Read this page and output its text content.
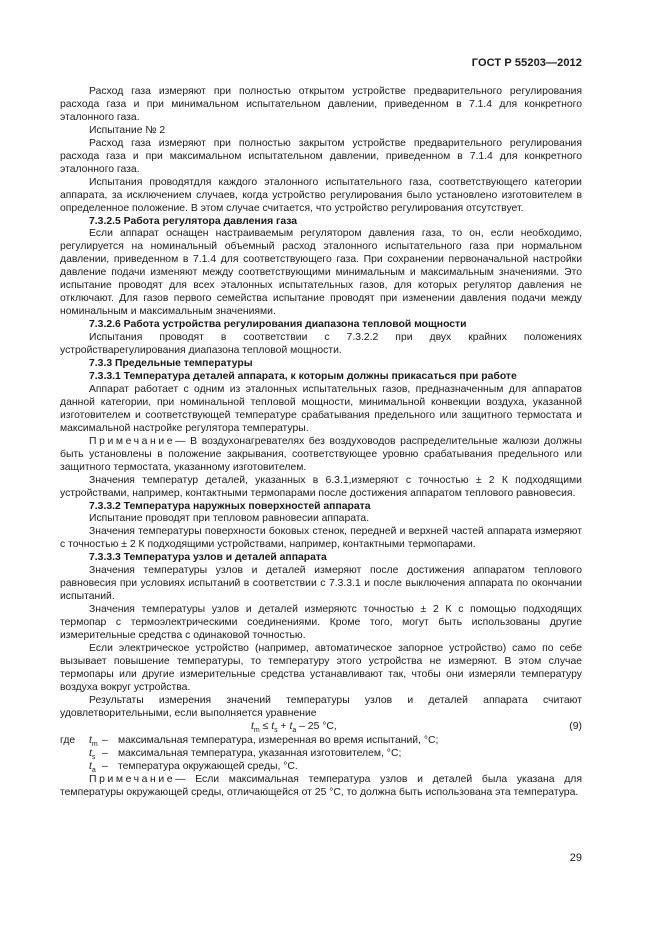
ГОСТ Р 55203—2012

Расход газа измеряют при полностью открытом устройстве предварительного регулирования расхода газа и при минимальном испытательном давлении, приведенном в 7.1.4 для конкретного эталонного газа.

Испытание № 2

Расход газа измеряют при полностью закрытом устройстве предварительного регулирования расхода газа и при максимальном испытательном давлении, приведенном в 7.1.4 для конкретного эталонного газа.

Испытания проводятдля каждого эталонного испытательного газа, соответствующего категории аппарата, за исключением случаев, когда устройство регулирования было установлено изготовителем в определенное положение. В этом случае считается, что устройство регулирования отсутствует.

7.3.2.5 Работа регулятора давления газа

Если аппарат оснащен настраиваемым регулятором давления газа, то он, если необходимо, регулируется на номинальный объемный расход эталонного испытательного газа при нормальном давлении, приведенном в 7.1.4 для соответствующего газа. При сохранении первоначальной настройки давление подачи изменяют между соответствующими минимальным и максимальным значениями. Это испытание проводят для всех эталонных испытательных газов, для которых регулятор давления не отключают. Для газов первого семейства испытание проводят при изменении давления подачи между номинальным и максимальным значениями.

7.3.2.6 Работа устройства регулирования диапазона тепловой мощности

Испытания проводят в соответствии с 7.3.2.2 при двух крайних положениях устройстварегулирования диапазона тепловой мощности.

7.3.3 Предельные температуры

7.3.3.1 Температура деталей аппарата, к которым должны прикасаться при работе

Аппарат работает с одним из эталонных испытательных газов, предназначенным для аппаратов данной категории, при номинальной тепловой мощности, минимальной конвекции воздуха, указанной изготовителем и соответствующей температуре срабатывания предельного или защитного термостата и максимальной настройке регулятора температуры.

Примечание— В воздухонагревателях без воздуховодов распределительные жалюзи должны быть установлены в положение закрывания, соответствующее уровню срабатывания предельного или защитного термостата, указанному изготовителем.

Значения температур деталей, указанных в 6.3.1,измеряют с точностью ± 2 К подходящими устройствами, например, контактными термопарами после достижения аппаратом теплового равновесия.

7.3.3.2 Температура наружных поверхностей аппарата

Испытание проводят при тепловом равновесии аппарата.

Значения температуры поверхности боковых стенок, передней и верхней частей аппарата измеряют с точностью ± 2 К подходящими устройствами, например, контактными термопарами.

7.3.3.3 Температура узлов и деталей аппарата

Значения температуры узлов и деталей измеряют после достижения аппаратом теплового равновесия при условиях испытаний в соответствии с 7.3.3.1 и после выключения аппарата по окончании испытаний.

Значения температуры узлов и деталей измеряютс точностью ± 2 К с помощью подходящих термопар с термоэлектрическими соединениями. Кроме того, могут быть использованы другие измерительные средства с одинаковой точностью.

Если электрическое устройство (например, автоматическое запорное устройство) само по себе вызывает повышение температуры, то температуру этого устройства не измеряют. В этом случае термопары или другие измерительные средства устанавливают так, чтобы они измеряли температуру воздуха вокруг устройства.

Результаты измерения значений температуры узлов и деталей аппарата считают удовлетворительными, если выполняется уравнение

$t_m \le t_s + t_a - 25$ °С,	(9)
где $t_m$ – максимальная температура, измеренная во время испытаний, °С;
$t_s$ – максимальная температура, указанная изготовителем, °С;
$t_a$ – температура окружающей среды, °С.

Примечание— Если максимальная температура узлов и деталей была указана для температуры окружающей среды, отличающейся от 25 °С, то должна быть использована эта температура.

29
